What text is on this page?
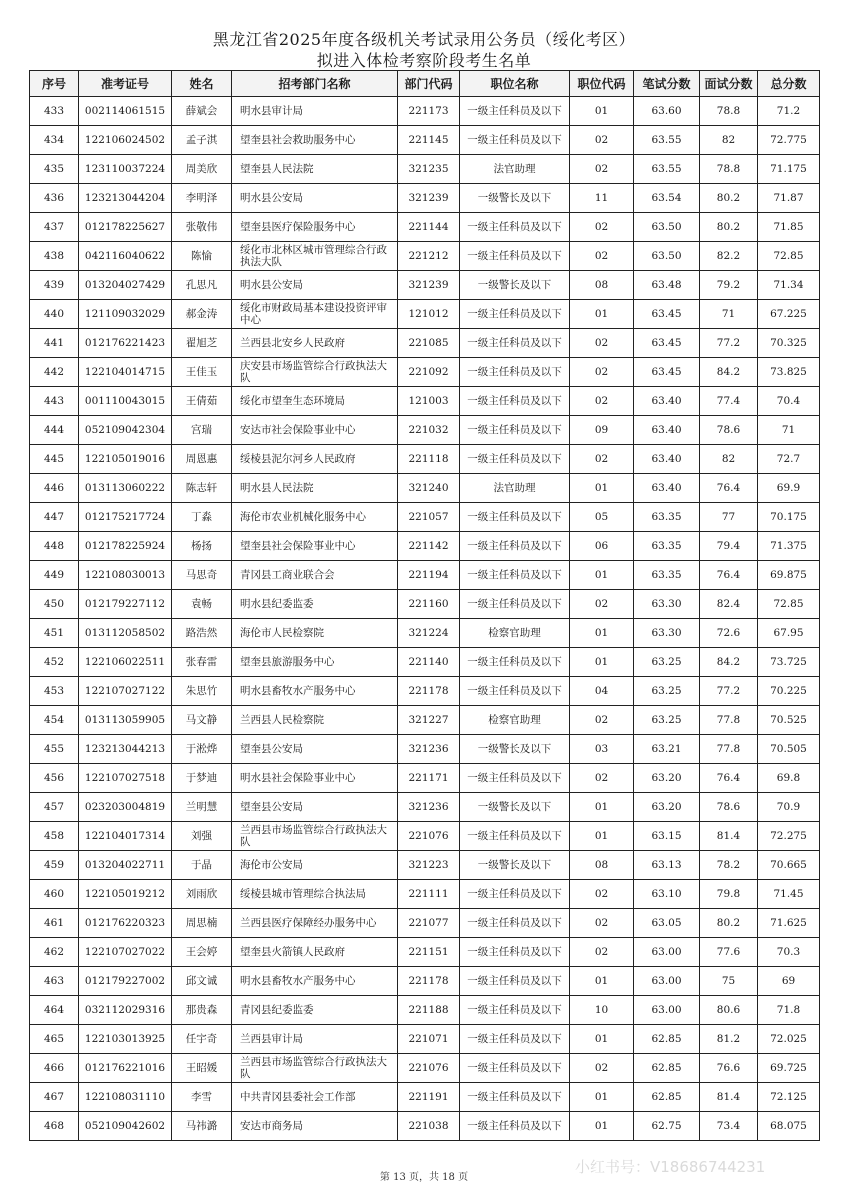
黑龙江省2025年度各级机关考试录用公务员（绥化考区）
拟进入体检考察阶段考生名单
序号	准考证号	姓名	招考部门名称	部门代码	职位名称	职位代码	笔试分数	面试分数	总分数
433	002114061515	薛斌会	明水县审计局	221173	一级主任科员及以下	01	63.60	78.8	71.2
434	122106024502	孟子淇	望奎县社会救助服务中心	221145	一级主任科员及以下	02	63.55	82	72.775
435	123110037224	周美欣	望奎县人民法院	321235	法官助理	02	63.55	78.8	71.175
436	123213044204	李明泽	明水县公安局	321239	一级警长及以下	11	63.54	80.2	71.87
437	012178225627	张敬伟	望奎县医疗保险服务中心	221144	一级主任科员及以下	02	63.50	80.2	71.85
438	042116040622	陈愉	绥化市北林区城市管理综合行政执法大队	221212	一级主任科员及以下	02	63.50	82.2	72.85
439	013204027429	孔思凡	明水县公安局	321239	一级警长及以下	08	63.48	79.2	71.34
440	121109032029	郝金涛	绥化市财政局基本建设投资评审中心	121012	一级主任科员及以下	01	63.45	71	67.225
441	012176221423	翟旭芝	兰西县北安乡人民政府	221085	一级主任科员及以下	02	63.45	77.2	70.325
442	122104014715	王佳玉	庆安县市场监管综合行政执法大队	221092	一级主任科员及以下	02	63.45	84.2	73.825
443	001110043015	王倩茹	绥化市望奎生态环境局	121003	一级主任科员及以下	02	63.40	77.4	70.4
444	052109042304	宫瑞	安达市社会保险事业中心	221032	一级主任科员及以下	09	63.40	78.6	71
445	122105019016	周恩惠	绥棱县泥尔河乡人民政府	221118	一级主任科员及以下	02	63.40	82	72.7
446	013113060222	陈志轩	明水县人民法院	321240	法官助理	01	63.40	76.4	69.9
447	012175217724	丁淼	海伦市农业机械化服务中心	221057	一级主任科员及以下	05	63.35	77	70.175
448	012178225924	杨扬	望奎县社会保险事业中心	221142	一级主任科员及以下	06	63.35	79.4	71.375
449	122108030013	马思奇	青冈县工商业联合会	221194	一级主任科员及以下	01	63.35	76.4	69.875
450	012179227112	袁畅	明水县纪委监委	221160	一级主任科员及以下	02	63.30	82.4	72.85
451	013112058502	路浩然	海伦市人民检察院	321224	检察官助理	01	63.30	72.6	67.95
452	122106022511	张春雷	望奎县旅游服务中心	221140	一级主任科员及以下	01	63.25	84.2	73.725
453	122107027122	朱思竹	明水县畜牧水产服务中心	221178	一级主任科员及以下	04	63.25	77.2	70.225
454	013113059905	马文静	兰西县人民检察院	321227	检察官助理	02	63.25	77.8	70.525
455	123213044213	于淞烨	望奎县公安局	321236	一级警长及以下	03	63.21	77.8	70.505
456	122107027518	于梦迪	明水县社会保险事业中心	221171	一级主任科员及以下	02	63.20	76.4	69.8
457	023203004819	兰明慧	望奎县公安局	321236	一级警长及以下	01	63.20	78.6	70.9
458	122104017314	刘强	兰西县市场监管综合行政执法大队	221076	一级主任科员及以下	01	63.15	81.4	72.275
459	013204022711	于晶	海伦市公安局	321223	一级警长及以下	08	63.13	78.2	70.665
460	122105019212	刘雨欣	绥棱县城市管理综合执法局	221111	一级主任科员及以下	02	63.10	79.8	71.45
461	012176220323	周思楠	兰西县医疗保障经办服务中心	221077	一级主任科员及以下	02	63.05	80.2	71.625
462	122107027022	王会婷	望奎县火箭镇人民政府	221151	一级主任科员及以下	02	63.00	77.6	70.3
463	012179227002	邱文诚	明水县畜牧水产服务中心	221178	一级主任科员及以下	01	63.00	75	69
464	032112029316	那贵森	青冈县纪委监委	221188	一级主任科员及以下	10	63.00	80.6	71.8
465	122103013925	任宇奇	兰西县审计局	221071	一级主任科员及以下	01	62.85	81.2	72.025
466	012176221016	王昭媛	兰西县市场监管综合行政执法大队	221076	一级主任科员及以下	02	62.85	76.6	69.725
467	122108031110	李雪	中共青冈县委社会工作部	221191	一级主任科员及以下	01	62.85	81.4	72.125
468	052109042602	马祎潞	安达市商务局	221038	一级主任科员及以下	01	62.75	73.4	68.075
第 13 页，共 18 页
小红书号：V18686744231
